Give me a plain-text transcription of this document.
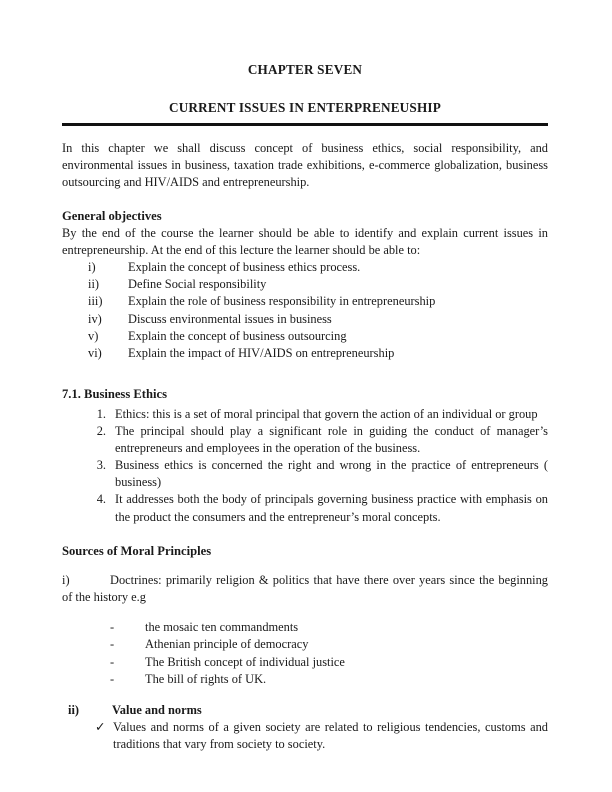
CHAPTER SEVEN
CURRENT ISSUES IN ENTERPRENEUSHIP

In this chapter we shall discuss concept of business ethics, social responsibility, and environmental issues in business, taxation trade exhibitions, e-commerce globalization, business outsourcing and HIV/AIDS and entrepreneurship.

General objectives

By the end of the course the learner should be able to identify and explain current issues in entrepreneurship. At the end of this lecture the learner should be able to:

i)	Explain the concept of business ethics process.
ii)	Define Social responsibility
iii)	Explain the role of business responsibility in entrepreneurship
iv)	Discuss environmental issues in business
v)	Explain the concept of business outsourcing
vi)	Explain the impact of HIV/AIDS on entrepreneurship
7.1. Business Ethics
1. Ethics: this is a set of moral principal that govern the action of an individual or group
2. The principal should play a significant role in guiding the conduct of manager’s entrepreneurs and employees in the operation of the business.
3. Business ethics is concerned the right and wrong in the practice of entrepreneurs ( business)
4. It addresses both the body of principals governing business practice with emphasis on the product the consumers and the entrepreneur’s moral concepts.
Sources of Moral Principles

i)	Doctrines: primarily religion & politics that have there over years since the beginning of the history e.g

-	the mosaic ten commandments
-	Athenian principle of democracy
-	The British concept of individual justice
-	The bill of rights of UK.
ii)	Value and norms
✓ Values and norms of a given society are related to religious tendencies, customs and traditions that vary from society to society.
